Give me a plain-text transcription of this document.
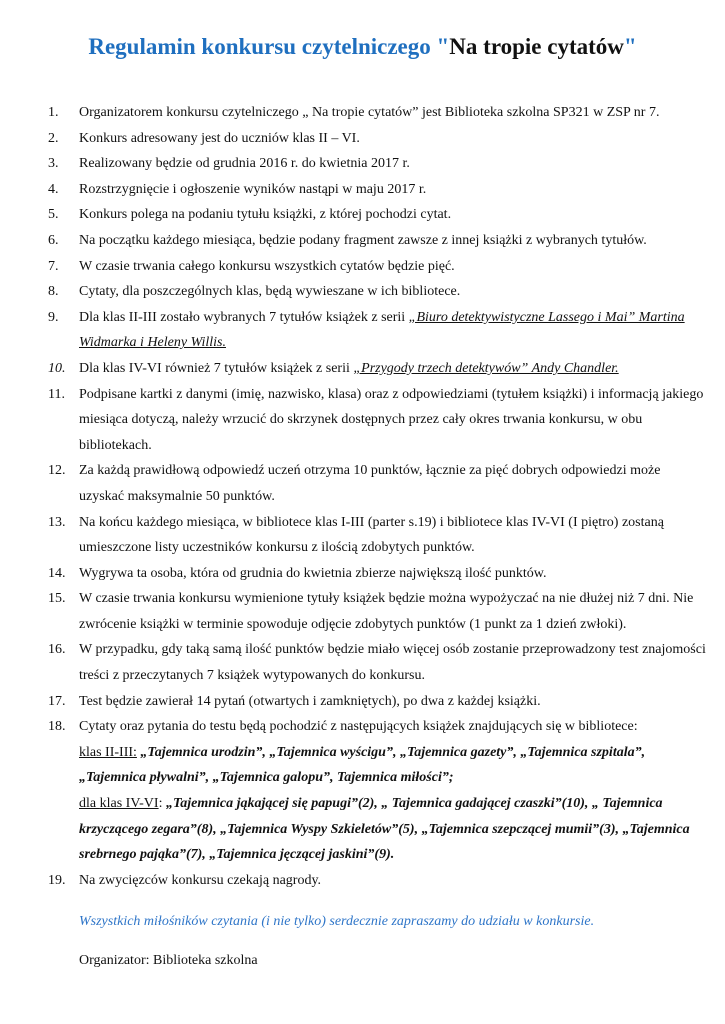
Regulamin konkursu czytelniczego "Na tropie cytatów"
1.	Organizatorem konkursu czytelniczego „ Na tropie cytatów” jest Biblioteka szkolna SP321 w ZSP nr 7.
2.	Konkurs adresowany jest do uczniów klas II – VI.
3.	Realizowany będzie od grudnia 2016 r. do kwietnia 2017 r.
4.	Rozstrzygnięcie i ogłoszenie wyników nastąpi w maju 2017 r.
5.	Konkurs polega na podaniu tytułu książki, z której pochodzi cytat.
6.	Na początku każdego miesiąca, będzie podany fragment zawsze z innej książki z wybranych tytułów.
7.	W czasie trwania całego konkursu wszystkich cytatów będzie pięć.
8.	Cytaty, dla poszczególnych klas, będą wywieszane w ich bibliotece.
9.	Dla klas II-III zostało wybranych 7 tytułów książek z serii „Biuro detektywistyczne Lassego i Mai” Martina Widmarka i Heleny Willis.
10. Dla klas IV-VI również 7 tytułów książek z serii „Przygody trzech detektywów” Andy Chandler.
11.	Podpisane kartki z danymi (imię, nazwisko, klasa) oraz z odpowiedziami (tytułem książki) i informacją jakiego miesiąca dotyczą, należy wrzucić do skrzynek dostępnych przez cały okres trwania konkursu, w obu bibliotekach.
12. Za każdą prawidłową odpowiedź uczeń otrzyma 10 punktów, łącznie za pięć dobrych odpowiedzi może uzyskać maksymalnie 50 punktów.
13. Na końcu każdego miesiąca, w bibliotece klas I-III (parter s.19) i bibliotece klas IV-VI (I piętro) zostaną umieszczone listy uczestników konkursu z ilością zdobytych punktów.
14. Wygrywa ta osoba, która od grudnia do kwietnia zbierze największą ilość punktów.
15. W czasie trwania konkursu wymienione tytuły książek będzie można wypożyczać na nie dłużej niż 7 dni. Nie zwrócenie książki w terminie spowoduje odjęcie zdobytych punktów (1 punkt za 1 dzień zwłoki).
16. W przypadku, gdy taką samą ilość punktów będzie miało więcej osób zostanie przeprowadzony test znajomości treści z przeczytanych 7 książek wytypowanych do konkursu.
17. Test będzie zawierał 14 pytań (otwartych i zamkniętych), po dwa z każdej książki.
18. Cytaty oraz pytania do testu będą pochodzić z następujących książek znajdujących się w bibliotece:
klas II-III: „Tajemnica urodzin”, „Tajemnica wyścigu”, „Tajemnica gazety”, „Tajemnica szpitala”, „Tajemnica pływalni”, „Tajemnica galopu”, Tajemnica miłości”;
dla klas IV-VI: „Tajemnica jąkającej się papugi”(2), „ Tajemnica gadającej czaszki”(10), „ Tajemnica krzyczącego zegara”(8), „Tajemnica Wyspy Szkieletów”(5), „Tajemnica szepczącej mumii”(3), „Tajemnica srebrnego pająka”(7), „Tajemnica jęczącej jaskini”(9).
19. Na zwycięzców konkursu czekają nagrody.
Wszystkich miłośników czytania (i nie tylko) serdecznie zapraszamy do udziału w konkursie.
Organizator: Biblioteka szkolna
